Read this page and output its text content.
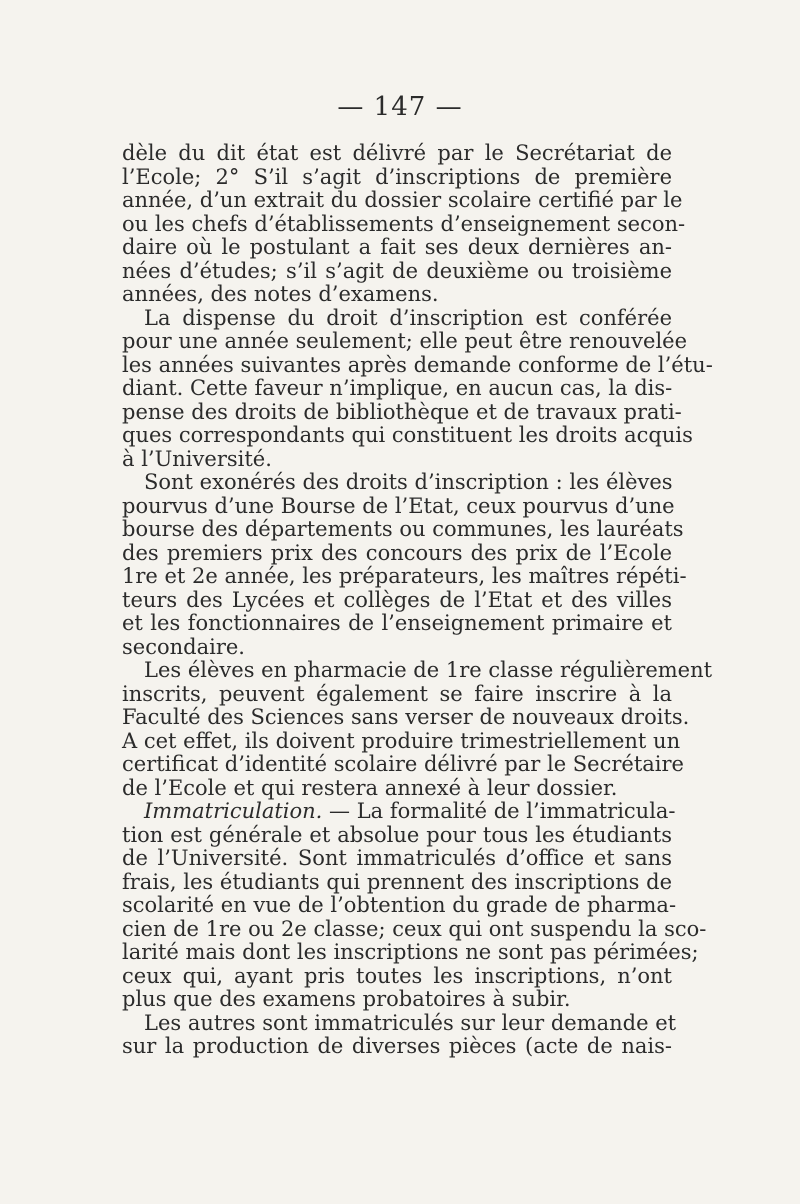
— 147 —
dèle du dit état est délivré par le Secrétariat de
l’Ecole; 2° S’il s’agit d’inscriptions de première
année, d’un extrait du dossier scolaire certifié par le
ou les chefs d’établissements d’enseignement secon-
daire où le postulant a fait ses deux dernières an-
nées d’études; s’il s’agit de deuxième ou troisième
années, des notes d’examens.
La dispense du droit d’inscription est conférée
pour une année seulement; elle peut être renouvelée
les années suivantes après demande conforme de l’étu-
diant. Cette faveur n’implique, en aucun cas, la dis-
pense des droits de bibliothèque et de travaux prati-
ques correspondants qui constituent les droits acquis
à l’Université.
Sont exonérés des droits d’inscription : les élèves
pourvus d’une Bourse de l’Etat, ceux pourvus d’une
bourse des départements ou communes, les lauréats
des premiers prix des concours des prix de l’Ecole
1re et 2e année, les préparateurs, les maîtres répéti-
teurs des Lycées et collèges de l’Etat et des villes
et les fonctionnaires de l’enseignement primaire et
secondaire.
Les élèves en pharmacie de 1re classe régulièrement
inscrits, peuvent également se faire inscrire à la
Faculté des Sciences sans verser de nouveaux droits.
A cet effet, ils doivent produire trimestriellement un
certificat d’identité scolaire délivré par le Secrétaire
de l’Ecole et qui restera annexé à leur dossier.
Immatriculation. — La formalité de l’immatricula-
tion est générale et absolue pour tous les étudiants
de l’Université. Sont immatriculés d’office et sans
frais, les étudiants qui prennent des inscriptions de
scolarité en vue de l’obtention du grade de pharma-
cien de 1re ou 2e classe; ceux qui ont suspendu la sco-
larité mais dont les inscriptions ne sont pas périmées;
ceux qui, ayant pris toutes les inscriptions, n’ont
plus que des examens probatoires à subir.
Les autres sont immatriculés sur leur demande et
sur la production de diverses pièces (acte de nais-
